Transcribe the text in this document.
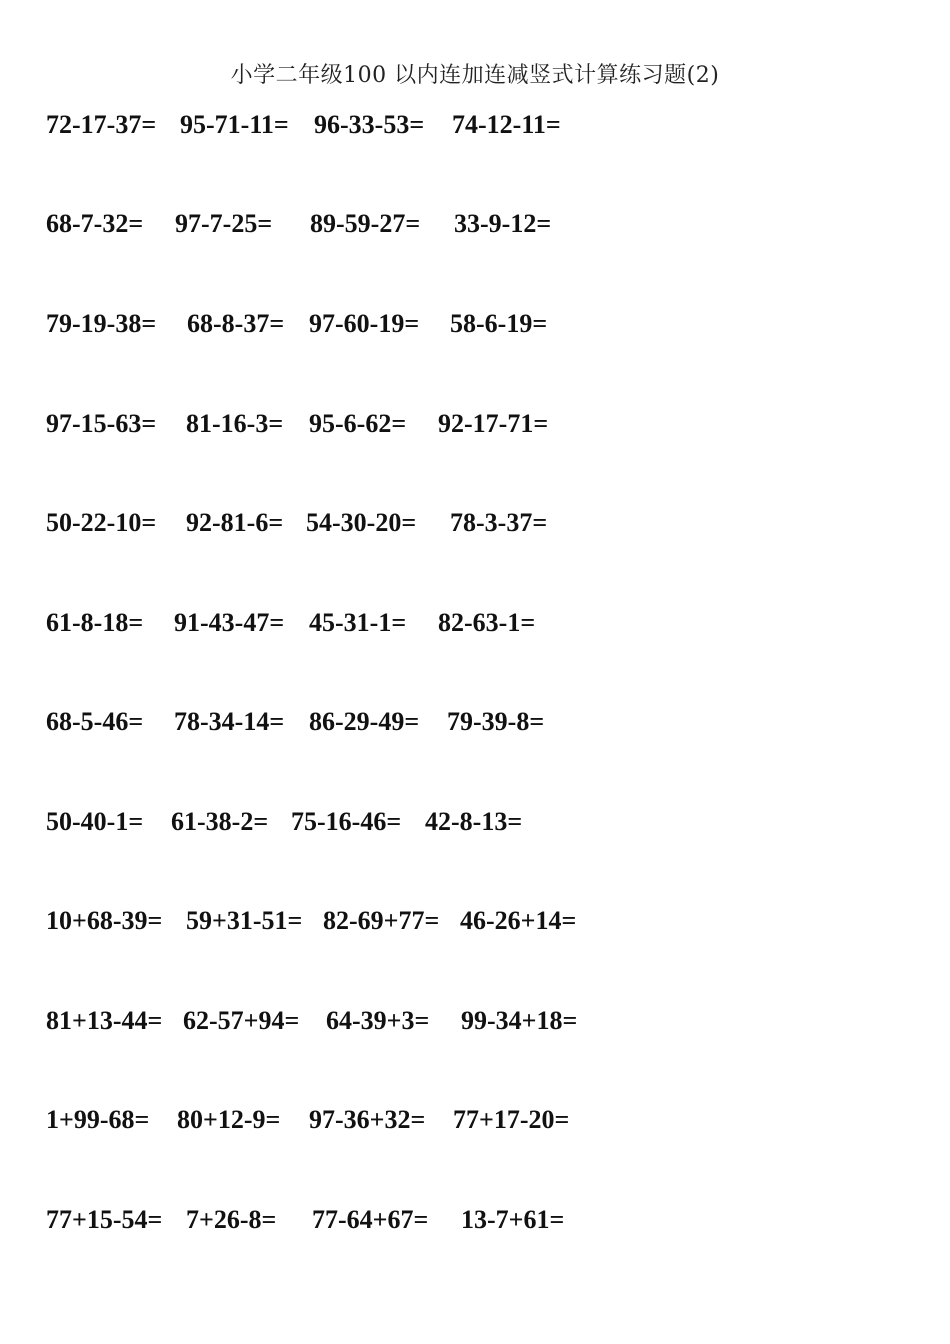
小学二年级100 以内连加连减竖式计算练习题(2)
72-17-37= 95-71-11= 96-33-53= 74-12-11=
68-7-32= 97-7-25= 89-59-27= 33-9-12=
79-19-38= 68-8-37= 97-60-19= 58-6-19=
97-15-63= 81-16-3= 95-6-62= 92-17-71=
50-22-10= 92-81-6= 54-30-20= 78-3-37=
61-8-18= 91-43-47= 45-31-1= 82-63-1=
68-5-46= 78-34-14= 86-29-49= 79-39-8=
50-40-1= 61-38-2= 75-16-46= 42-8-13=
10+68-39= 59+31-51= 82-69+77= 46-26+14=
81+13-44= 62-57+94= 64-39+3= 99-34+18=
1+99-68= 80+12-9= 97-36+32= 77+17-20=
77+15-54= 7+26-8= 77-64+67= 13-7+61=
